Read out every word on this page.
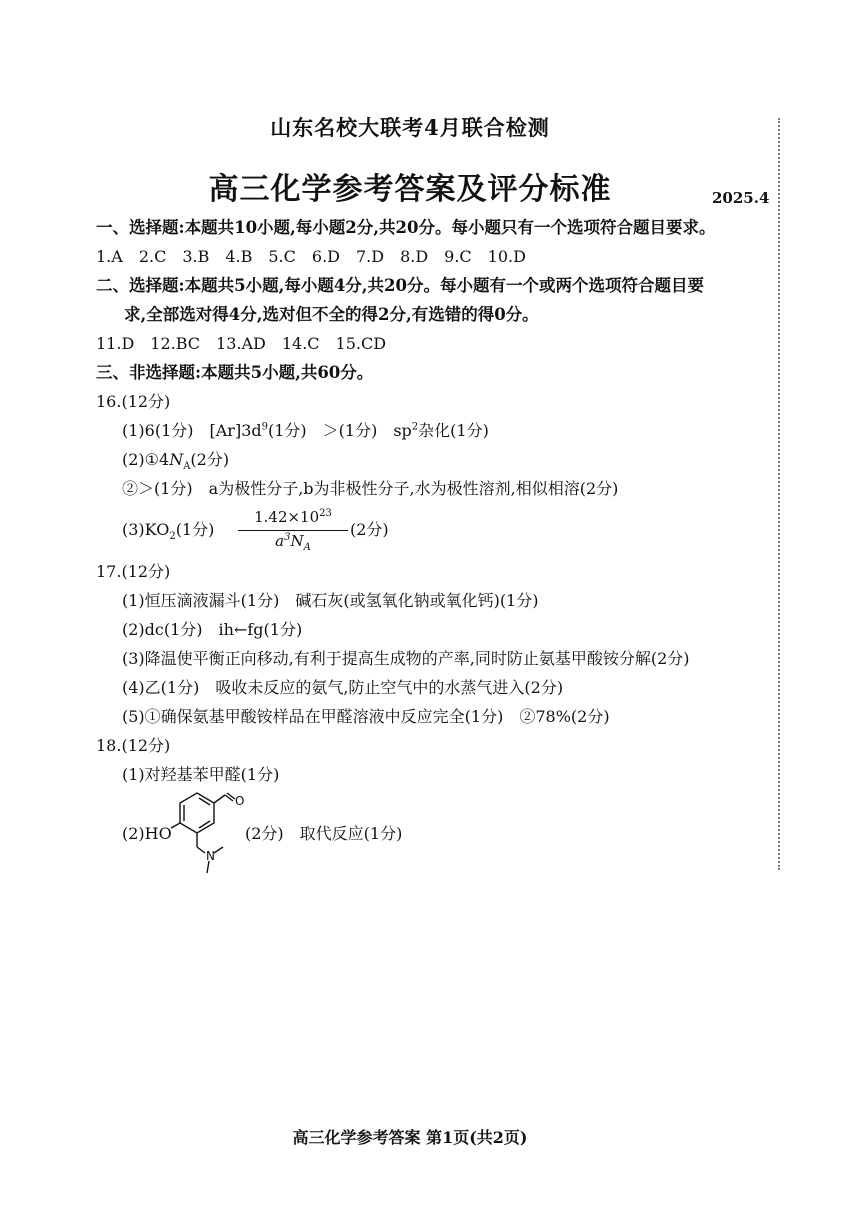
山东名校大联考4月联合检测
高三化学参考答案及评分标准	2025.4
一、选择题:本题共10小题,每小题2分,共20分。每小题只有一个选项符合题目要求。
1.A　2.C　3.B　4.B　5.C　6.D　7.D　8.D　9.C　10.D
二、选择题:本题共5小题,每小题4分,共20分。每小题有一个或两个选项符合题目要
求,全部选对得4分,选对但不全的得2分,有选错的得0分。
11.D　12.BC　13.AD　14.C　15.CD
三、非选择题:本题共5小题,共60分。
16.(12分)
(1)6(1分)　$[Ar]3d^9(1$分)　＞(1分)　$sp^2$杂化(1分)
$(2)①4N_A(2$分)
②＞(1分)　a为极性分子,b为非极性分子,水为极性溶剂,相似相溶(2分)
$(3)KO_2(1$分)
$1.42\times 10^{23}$
$a^3N_A$
(2分)
17.(12分)
(1)恒压滴液漏斗(1分)　碱石灰(或氢氧化钠或氧化钙)(1分)
(2)dc(1分)　ih←fg(1分)
(3)降温使平衡正向移动,有利于提高生成物的产率,同时防止氨基甲酸铵分解(2分)
(4)乙(1分)　吸收未反应的氨气,防止空气中的水蒸气进入(2分)
(5)①确保氨基甲酸铵样品在甲醛溶液中反应完全(1分)　②78%(2分)
18.(12分)
(1)对羟基苯甲醛(1分)
(2)HO
O
N
(2分)　取代反应(1分)
高三化学参考答案 第1页(共2页)
